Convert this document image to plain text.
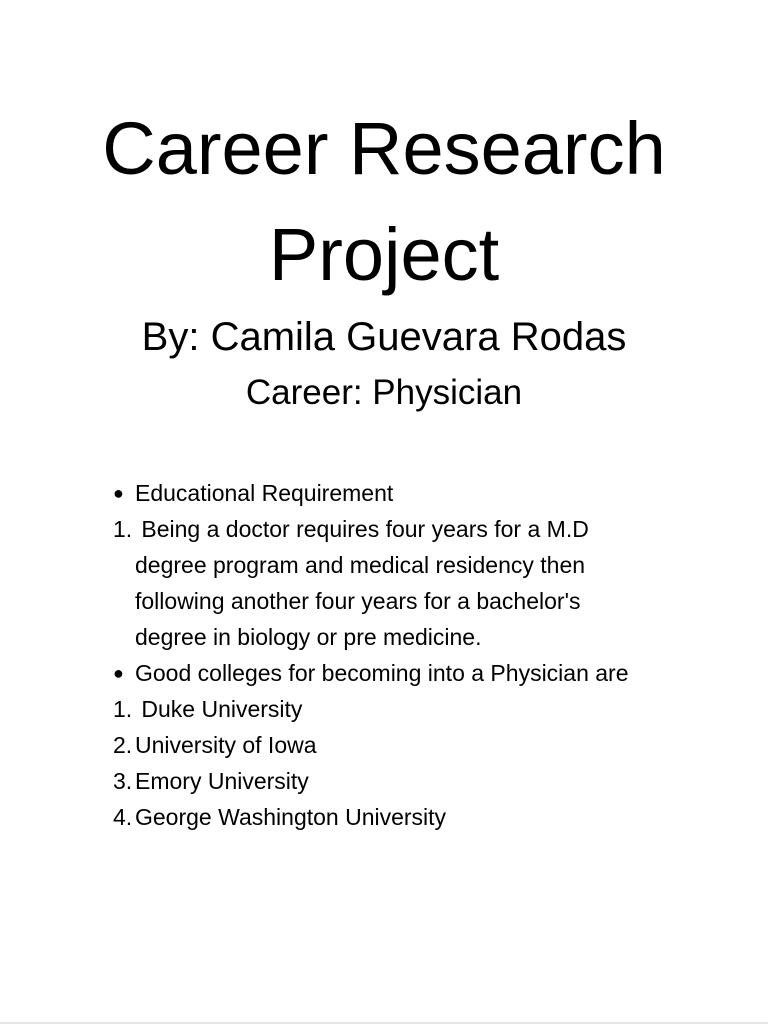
Career Research Project

By: Camila Guevara Rodas

Career: Physician

● Educational Requirement
1. Being a doctor requires four years for a M.D degree program and medical residency then following another four years for a bachelor's degree in biology or pre medicine.
● Good colleges for becoming into a Physician are
1. Duke University
2. University of Iowa
3. Emory University
4. George Washington University
